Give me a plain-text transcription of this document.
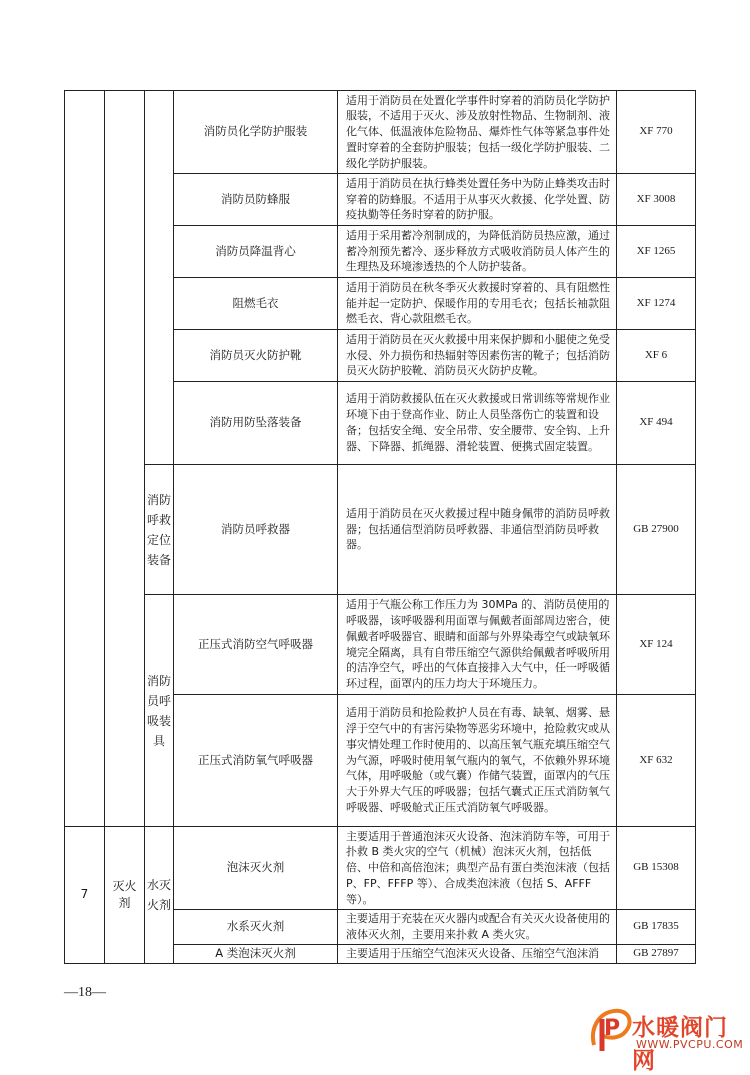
			消防员化学防护服装	适用于消防员在处置化学事件时穿着的消防员化学防护服装，不适用于灭火、涉及放射性物品、生物制剂、液化气体、低温液体危险物品、爆炸性气体等紧急事件处置时穿着的全套防护服装；包括一级化学防护服装、二级化学防护服装。	XF 770
			消防员防蜂服	适用于消防员在执行蜂类处置任务中为防止蜂类攻击时穿着的防蜂服。不适用于从事灭火救援、化学处置、防疫执勤等任务时穿着的防护服。	XF 3008
			消防员降温背心	适用于采用蓄冷剂制成的，为降低消防员热应激，通过蓄冷剂预先蓄冷、逐步释放方式吸收消防员人体产生的生理热及环境渗透热的个人防护装备。	XF 1265
			阻燃毛衣	适用于消防员在秋冬季灭火救援时穿着的、具有阻燃性能并起一定防护、保暖作用的专用毛衣；包括长袖款阻燃毛衣、背心款阻燃毛衣。	XF 1274
			消防员灭火防护靴	适用于消防员在灭火救援中用来保护脚和小腿使之免受水侵、外力损伤和热辐射等因素伤害的靴子；包括消防员灭火防护胶靴、消防员灭火防护皮靴。	XF 6
			消防用防坠落装备	适用于消防救援队伍在灭火救援或日常训练等常规作业环境下由于登高作业、防止人员坠落伤亡的装置和设备；包括安全绳、安全吊带、安全腰带、安全钩、上升器、下降器、抓绳器、滑轮装置、便携式固定装置。	XF 494
		消防呼救定位装备	消防员呼救器	适用于消防员在灭火救援过程中随身佩带的消防员呼救器；包括通信型消防员呼救器、非通信型消防员呼救器。	GB 27900
		消防员呼吸装具	正压式消防空气呼吸器	适用于气瓶公称工作压力为 30MPa 的、消防员使用的呼吸器，该呼吸器利用面罩与佩戴者面部周边密合，使佩戴者呼吸器官、眼睛和面部与外界染毒空气或缺氧环境完全隔离，具有自带压缩空气源供给佩戴者呼吸所用的洁净空气，呼出的气体直接排入大气中，任一呼吸循环过程，面罩内的压力均大于环境压力。	XF 124
			正压式消防氧气呼吸器	适用于消防员和抢险救护人员在有毒、缺氧、烟雾、悬浮于空气中的有害污染物等恶劣环境中，抢险救灾或从事灾情处理工作时使用的、以高压氧气瓶充填压缩空气为气源，呼吸时使用氧气瓶内的氧气，不依赖外界环境气体，用呼吸舱（或气囊）作储气装置，面罩内的气压大于外界大气压的呼吸器；包括气囊式正压式消防氧气呼吸器、呼吸舱式正压式消防氧气呼吸器。	XF 632
7	灭火剂	水灭火剂	泡沫灭火剂	主要适用于普通泡沫灭火设备、泡沫消防车等，可用于扑救 B 类火灾的空气（机械）泡沫灭火剂，包括低倍、中倍和高倍泡沫；典型产品有蛋白类泡沫液（包括 P、FP、FFFP 等）、合成类泡沫液（包括 S、AFFF 等）。	GB 15308
			水系灭火剂	主要适用于充装在灭火器内或配合有关灭火设备使用的液体灭火剂，主要用来扑救 A 类火灾。	GB 17835
			A 类泡沫灭火剂	主要适用于压缩空气泡沫灭火设备、压缩空气泡沫消	GB 27897
—18—
P 水暖阀门网
WWW.PVCPU.COM
